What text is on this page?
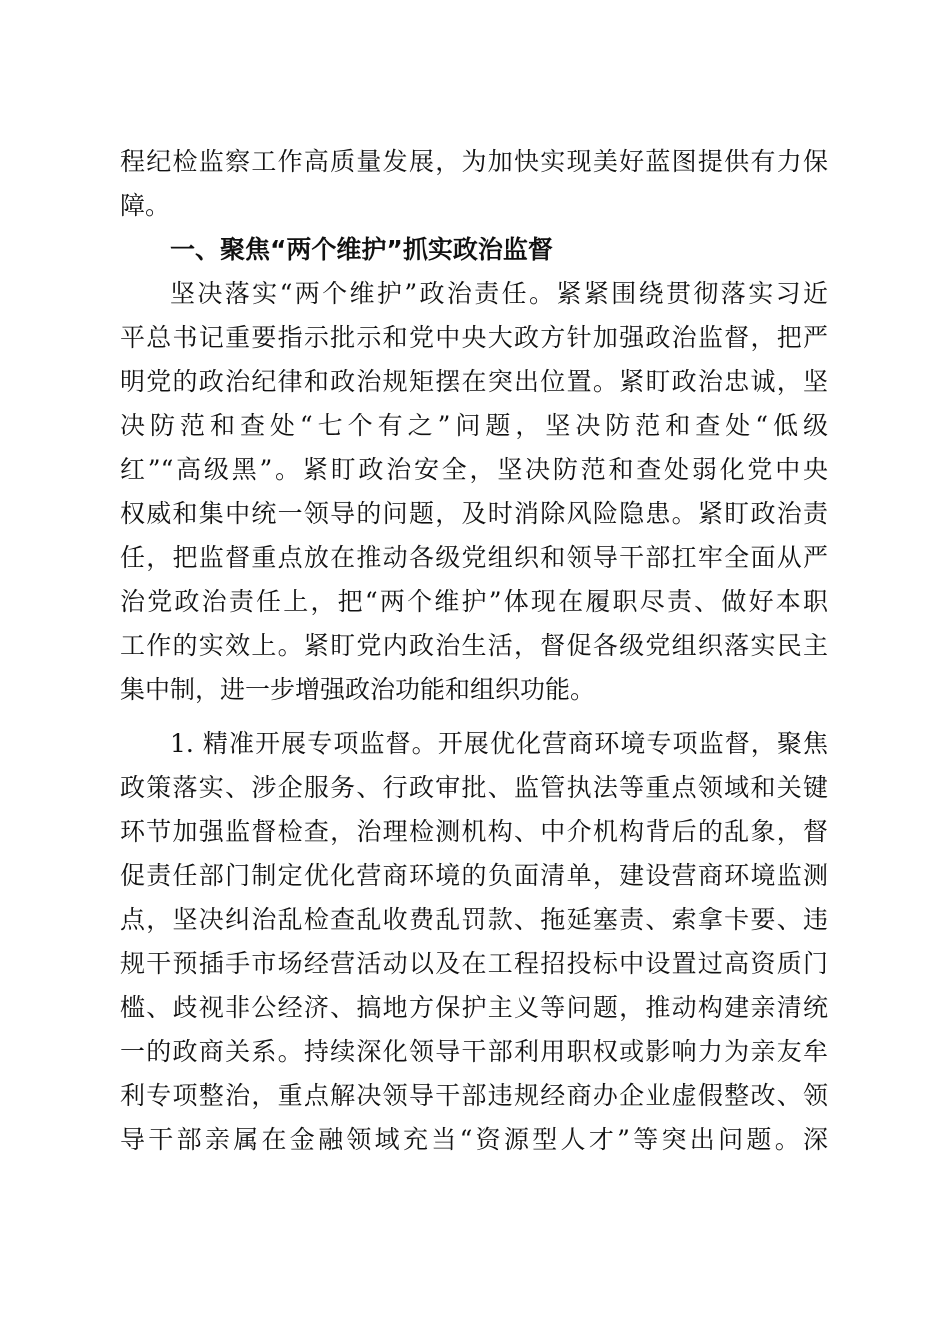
程纪检监察工作高质量发展，为加快实现美好蓝图提供有力保
障。
一、聚焦“两个维护”抓实政治监督
坚决落实“两个维护”政治责任。紧紧围绕贯彻落实习近
平总书记重要指示批示和党中央大政方针加强政治监督，把严
明党的政治纪律和政治规矩摆在突出位置。紧盯政治忠诚，坚
决防范和查处“七个有之”问题，坚决防范和查处“低级
红”“高级黑”。紧盯政治安全，坚决防范和查处弱化党中央
权威和集中统一领导的问题，及时消除风险隐患。紧盯政治责
任，把监督重点放在推动各级党组织和领导干部扛牢全面从严
治党政治责任上，把“两个维护”体现在履职尽责、做好本职
工作的实效上。紧盯党内政治生活，督促各级党组织落实民主
集中制，进一步增强政治功能和组织功能。
1. 精准开展专项监督。开展优化营商环境专项监督，聚焦
政策落实、涉企服务、行政审批、监管执法等重点领域和关键
环节加强监督检查，治理检测机构、中介机构背后的乱象，督
促责任部门制定优化营商环境的负面清单，建设营商环境监测
点，坚决纠治乱检查乱收费乱罚款、拖延塞责、索拿卡要、违
规干预插手市场经营活动以及在工程招投标中设置过高资质门
槛、歧视非公经济、搞地方保护主义等问题，推动构建亲清统
一的政商关系。持续深化领导干部利用职权或影响力为亲友牟
利专项整治，重点解决领导干部违规经商办企业虚假整改、领
导干部亲属在金融领域充当“资源型人才”等突出问题。深
